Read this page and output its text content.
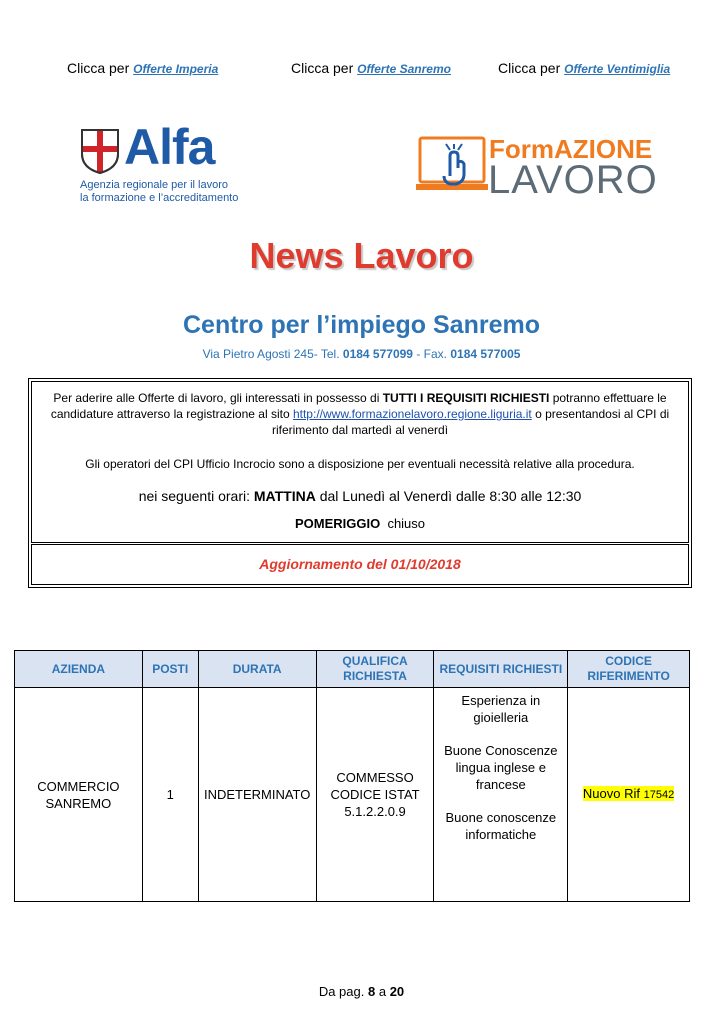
Clicca per Offerte Imperia	Clicca per Offerte Sanremo	Clicca per Offerte Ventimiglia
Alfa
Agenzia regionale per il lavoro
la formazione e l’accreditamento
FormAZIONE
LAVORO
News Lavoro
Centro per l’impiego Sanremo
Via Pietro Agosti 245- Tel. 0184 577099 - Fax. 0184 577005
Per aderire alle Offerte di lavoro, gli interessati in possesso di TUTTI I REQUISITI RICHIESTI potranno effettuare le candidature attraverso la registrazione al sito http://www.formazionelavoro.regione.liguria.it o presentandosi al CPI di riferimento dal martedì al venerdì
Gli operatori del CPI Ufficio Incrocio sono a disposizione per eventuali necessità relative alla procedura.
nei seguenti orari: MATTINA dal Lunedì al Venerdì dalle 8:30 alle 12:30
POMERIGGIO chiuso
Aggiornamento del 01/10/2018
AZIENDA	POSTI	DURATA	QUALIFICA RICHIESTA	REQUISITI RICHIESTI	CODICE RIFERIMENTO
COMMERCIO SANREMO	1	INDETERMINATO	COMMESSO CODICE ISTAT 5.1.2.2.0.9	Esperienza in gioielleria
Buone Conoscenze lingua inglese e francese
Buone conoscenze informatiche	Nuovo Rif 17542
Da pag. 8 a 20
